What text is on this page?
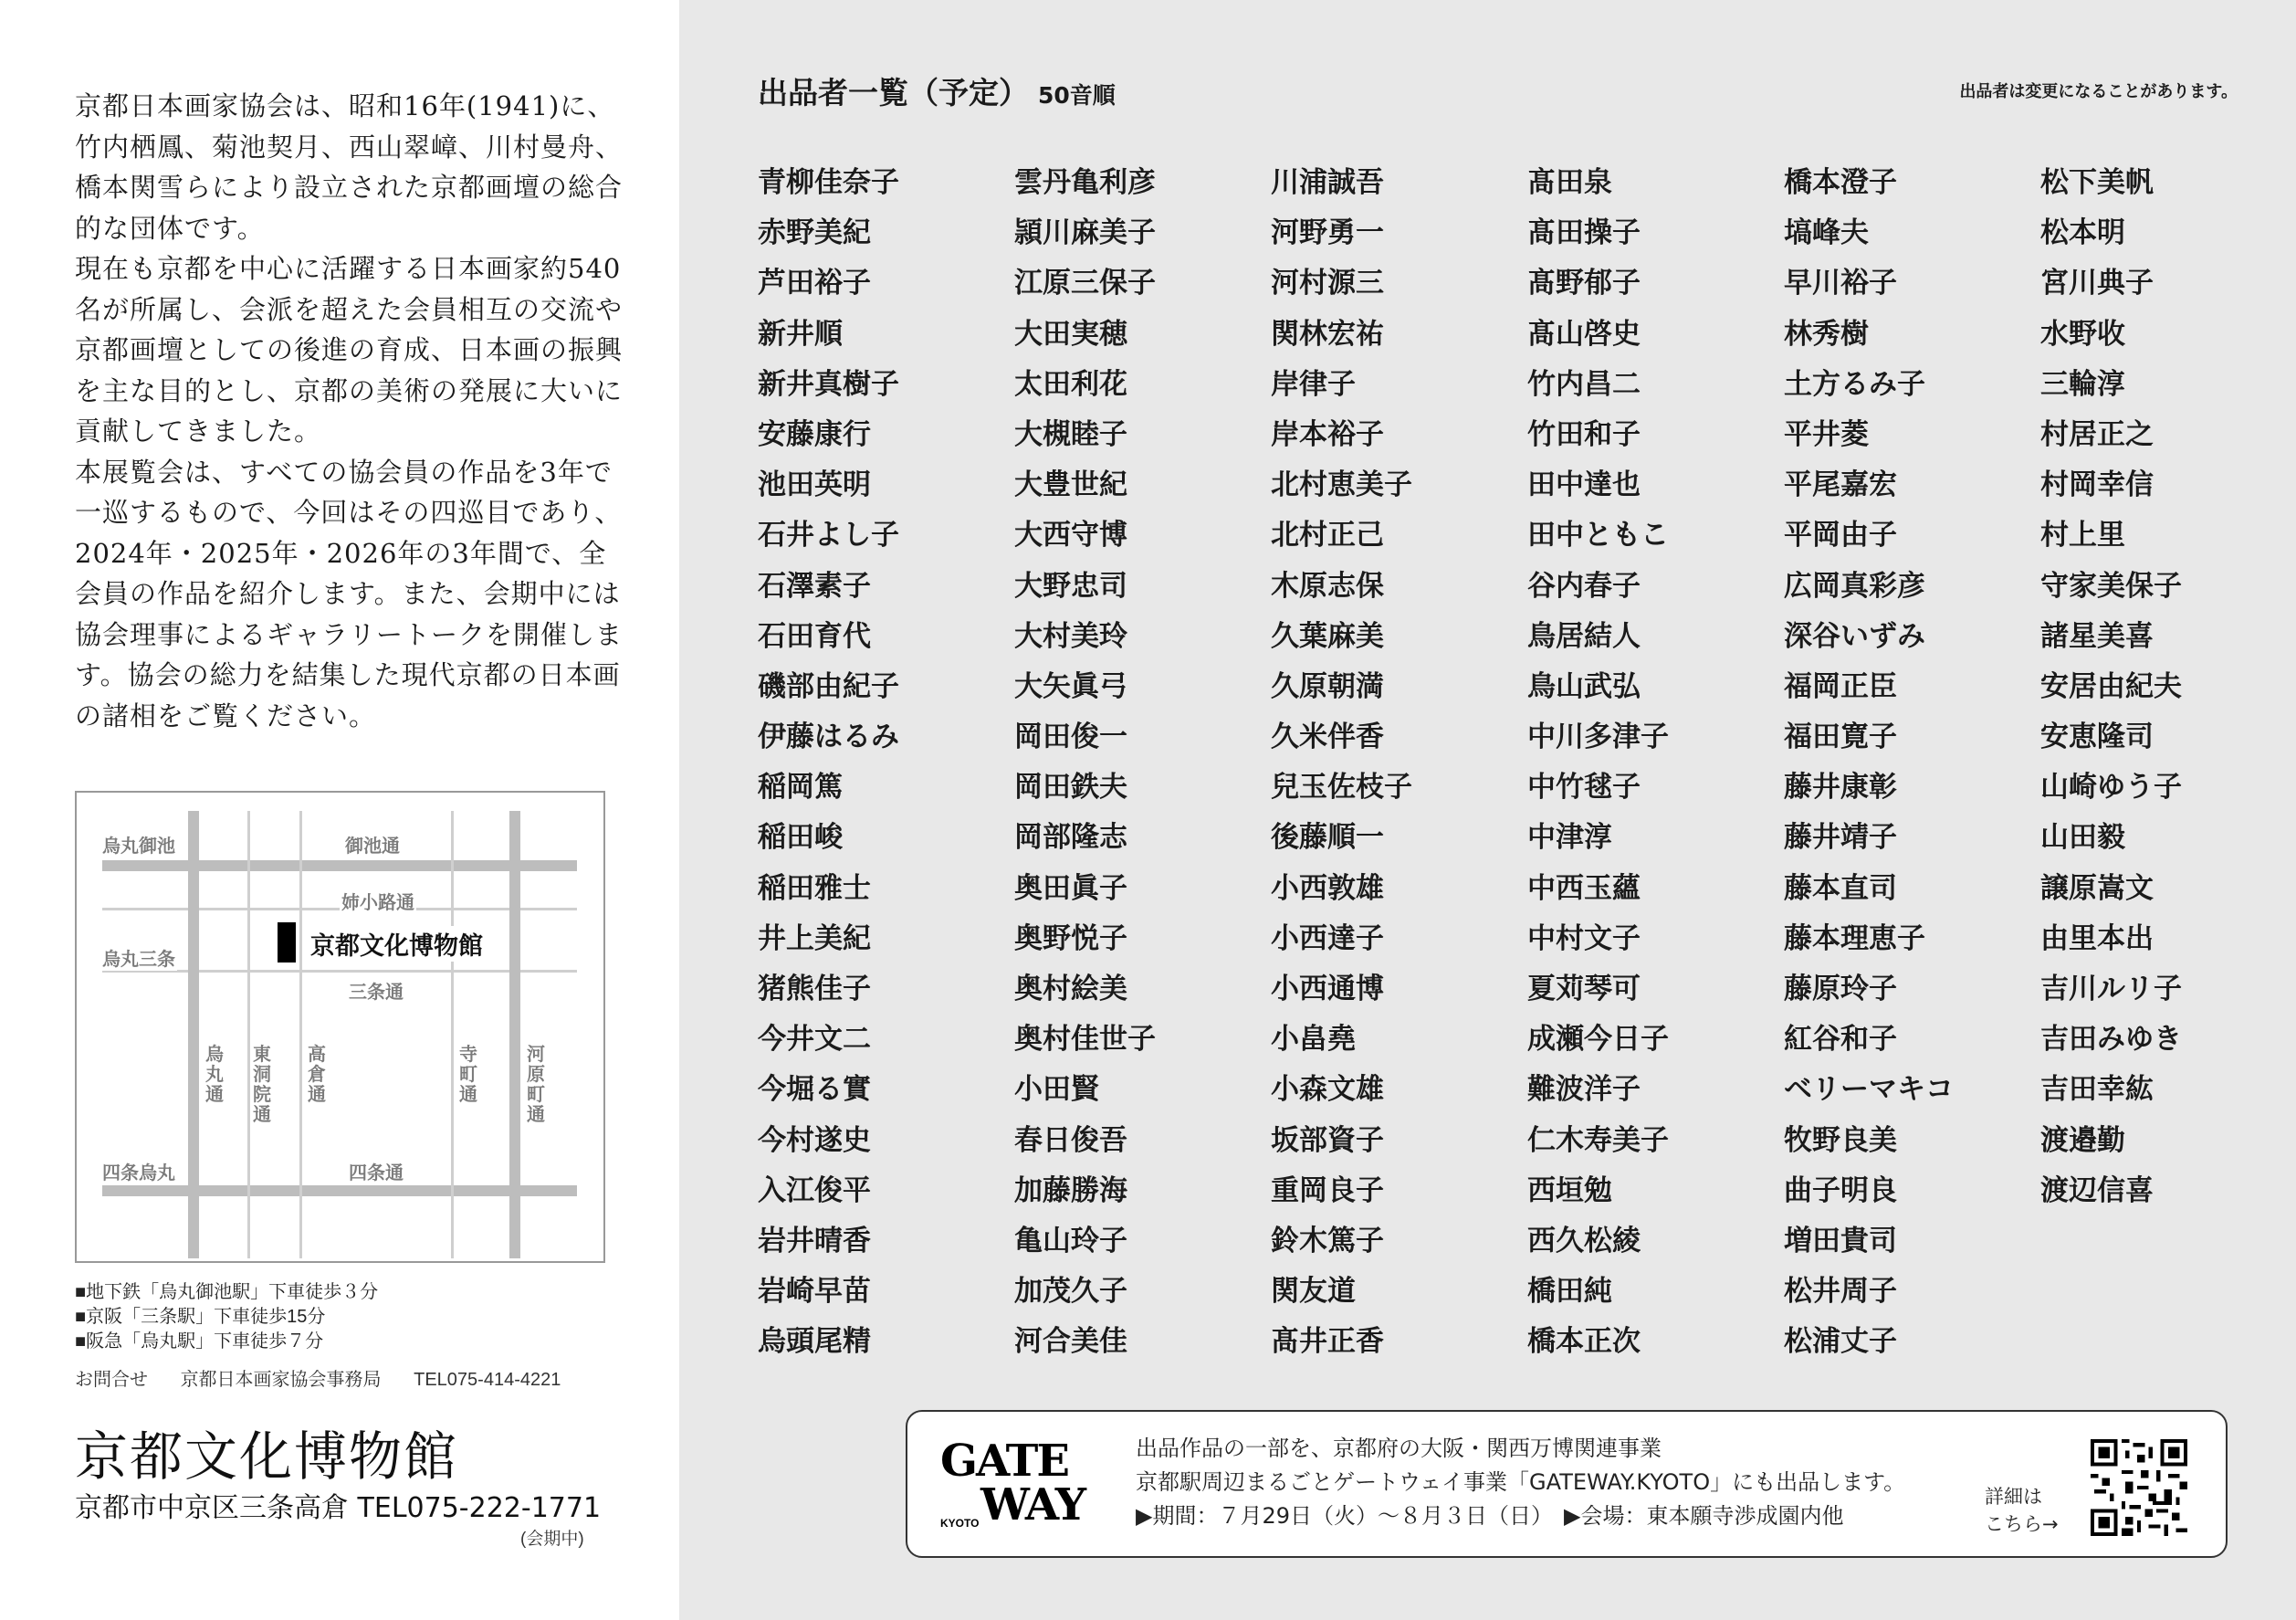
京都日本画家協会は、昭和16年(1941)に、竹内栖鳳、菊池契月、西山翠嶂、川村曼舟、橋本関雪らにより設立された京都画壇の総合的な団体です。

現在も京都を中心に活躍する日本画家約540名が所属し、会派を超えた会員相互の交流や京都画壇としての後進の育成、日本画の振興を主な目的とし、京都の美術の発展に大いに貢献してきました。

本展覧会は、すべての協会員の作品を3年で一巡するもので、今回はその四巡目であり、2024年・2025年・2026年の3年間で、全会員の作品を紹介します。また、会期中には協会理事によるギャラリートークを開催します。協会の総力を結集した現代京都の日本画の諸相をご覧ください。

烏丸御池	御池通
姉小路通
烏丸三条	京都文化博物館
三条通
四条烏丸	四条通
烏丸通
東洞院通
高倉通
寺町通
河原町通
■ 地下鉄「烏丸御池駅」下車徒歩３分
■ 京阪「三条駅」下車徒歩15分
■ 阪急「烏丸駅」下車徒歩７分
お問合せ 京都日本画家協会事務局 TEL075-414-4221
京都文化博物館
京都市中京区三条高倉 TEL075-222-1771
(会期中)
出品者一覧（予定） 50音順	出品者は変更になることがあります。
青柳佳奈子
赤野美紀
芦田裕子
新井順
新井真樹子
安藤康行
池田英明
石井よし子
石澤素子
石田育代
磯部由紀子
伊藤はるみ
稲岡篤
稲田峻
稲田雅士
井上美紀
猪熊佳子
今井文二
今堀る實
今村遂史
入江俊平
岩井晴香
岩崎早苗
烏頭尾精
雲丹亀利彦
頴川麻美子
江原三保子
大田実穂
太田利花
大槻睦子
大豊世紀
大西守博
大野忠司
大村美玲
大矢眞弓
岡田俊一
岡田鉄夫
岡部隆志
奥田眞子
奥野悦子
奥村絵美
奥村佳世子
小田賢
春日俊吾
加藤勝海
亀山玲子
加茂久子
河合美佳
川浦誠吾
河野勇一
河村源三
関林宏祐
岸律子
岸本裕子
北村恵美子
北村正己
木原志保
久葉麻美
久原朝満
久米伴香
兒玉佐枝子
後藤順一
小西敦雄
小西達子
小西通博
小畠堯
小森文雄
坂部資子
重岡良子
鈴木篤子
関友道
髙井正香
髙田泉
髙田操子
髙野郁子
髙山啓史
竹内昌二
竹田和子
田中達也
田中ともこ
谷内春子
鳥居結人
鳥山武弘
中川多津子
中竹毬子
中津淳
中西玉蘊
中村文子
夏苅琴可
成瀬今日子
難波洋子
仁木寿美子
西垣勉
西久松綾
橋田純
橋本正次
橋本澄子
塙峰夫
早川裕子
林秀樹
土方るみ子
平井菱
平尾嘉宏
平岡由子
広岡真彩彦
深谷いずみ
福岡正臣
福田寛子
藤井康彰
藤井靖子
藤本直司
藤本理恵子
藤原玲子
紅谷和子
ベリーマキコ
牧野良美
曲子明良
増田貴司
松井周子
松浦丈子
松下美帆
松本明
宮川典子
水野收
三輪淳
村居正之
村岡幸信
村上里
守家美保子
諸星美喜
安居由紀夫
安恵隆司
山崎ゆう子
山田毅
譲原嵩文
由里本出
吉川ルリ子
吉田みゆき
吉田幸紘
渡邉勤
渡辺信喜
GATE
KYOTO WAY
出品作品の一部を、京都府の大阪・関西万博関連事業
京都駅周辺まるごとゲートウェイ事業「GATEWAY.KYOTO」にも出品します。
▶期間：７月29日（火）～８月３日（日）　▶会場：東本願寺渉成園内他
詳細は
こちら→
